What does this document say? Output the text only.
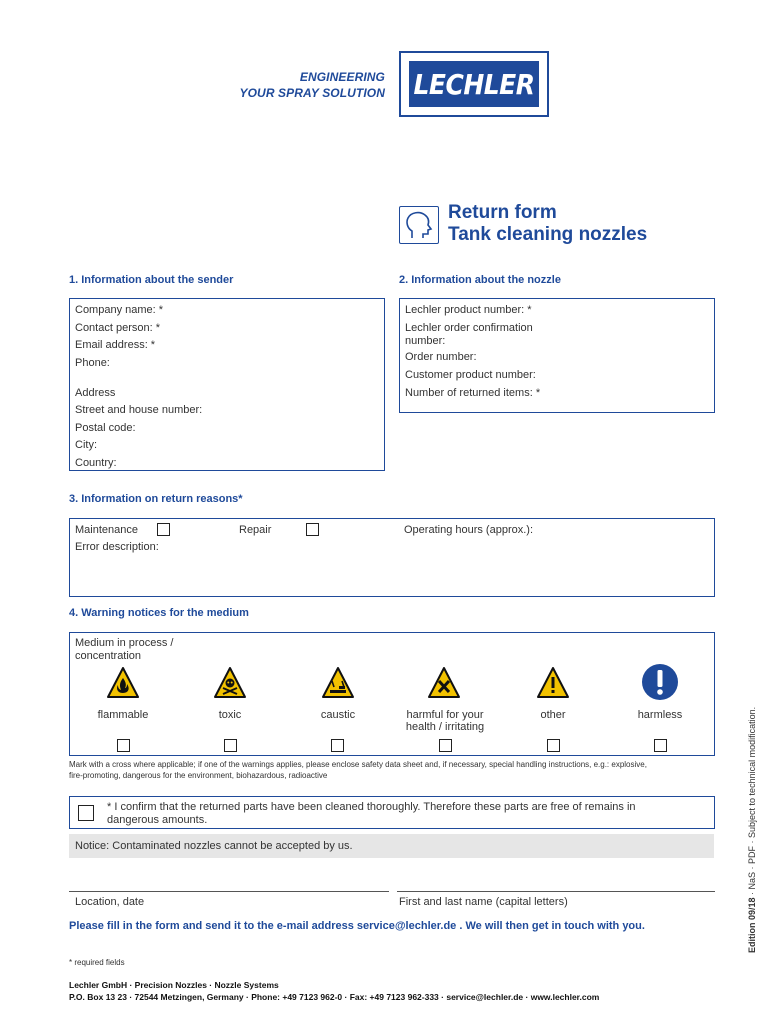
ENGINEERING
YOUR SPRAY SOLUTION LECHLER
Return form
Tank cleaning nozzles
1. Information about the sender	2. Information about the nozzle
Company name: *
Contact person: *
Email address: *
Phone:
Address
Street and house number:
Postal code:
City:
Country:
Lechler product number: *
Lechler order confirmation
number:
Order number:
Customer product number:
Number of returned items: *
3. Information on return reasons*
Maintenance	Repair	Operating hours (approx.):
Error description:
4. Warning notices for the medium
Medium in process /
concentration
flammable	toxic	caustic	harmful for your
health / irritating
other	harmless
Mark with a cross where applicable; if one of the warnings applies, please enclose safety data sheet and, if necessary, special handling instructions, e.g.: explosive,
fire-promoting, dangerous for the environment, biohazardous, radioactive
* I confirm that the returned parts have been cleaned thoroughly. Therefore these parts are free of remains in
dangerous amounts.
Notice: Contaminated nozzles cannot be accepted by us.
Location, date	First and last name (capital letters)
Please fill in the form and send it to the e-mail address service@lechler.de . We will then get in touch with you.
* required fields
Lechler GmbH · Precision Nozzles · Nozzle Systems
P.O. Box 13 23 · 72544 Metzingen, Germany · Phone: +49 7123 962-0 · Fax: +49 7123 962-333 · service@lechler.de · www.lechler.com
Edition 09/18 · NaS · PDF · Subject to technical modification.
